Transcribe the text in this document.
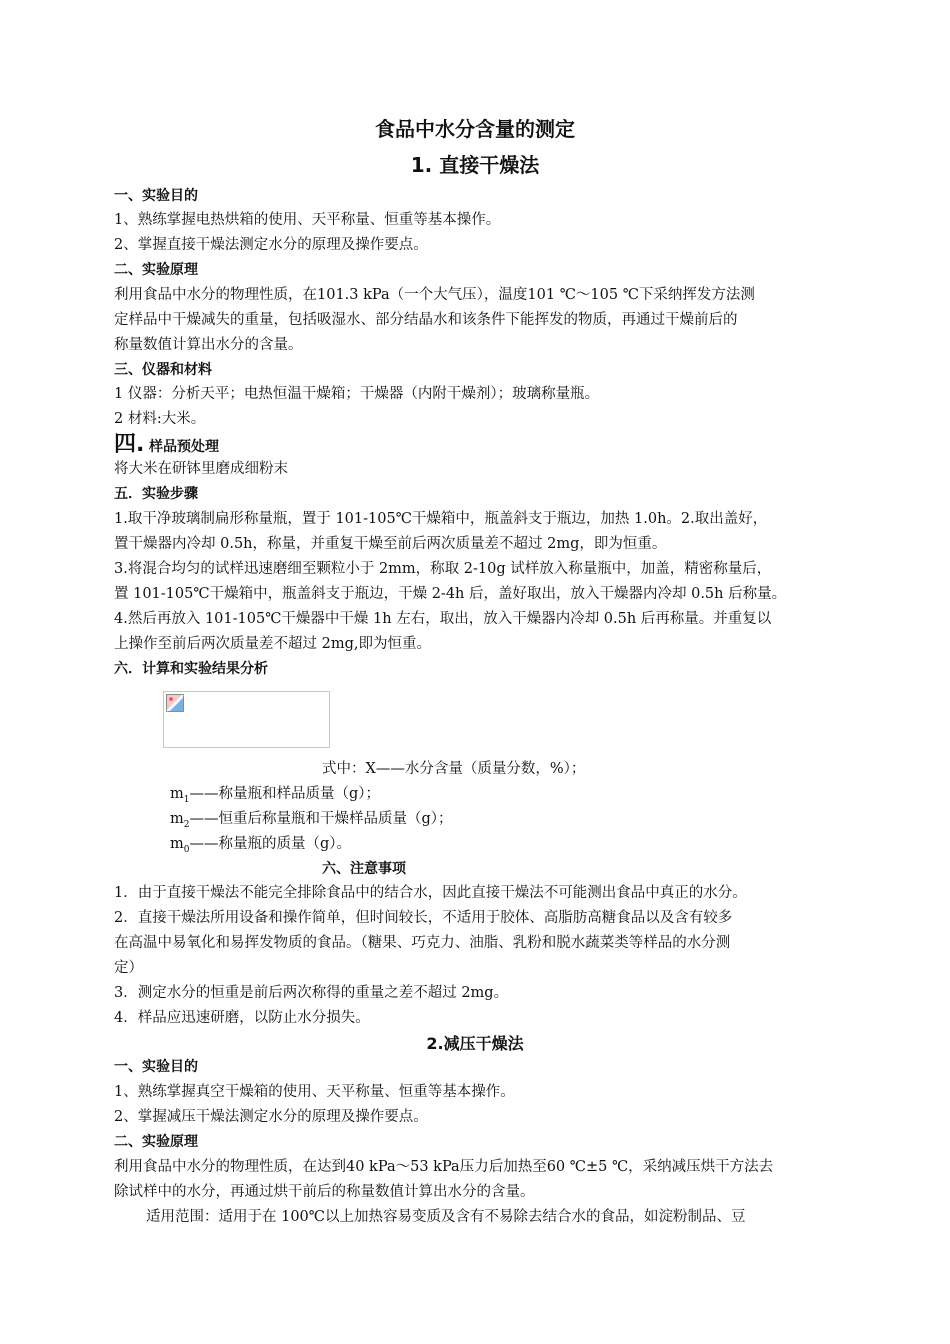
食品中水分含量的测定
1. 直接干燥法
一、实验目的
1、熟练掌握电热烘箱的使用、天平称量、恒重等基本操作。
2、掌握直接干燥法测定水分的原理及操作要点。
二、实验原理
利用食品中水分的物理性质，在101.3 kPa（一个大气压），温度101 ℃～105 ℃下采纳挥发方法测
定样品中干燥减失的重量，包括吸湿水、部分结晶水和该条件下能挥发的物质，再通过干燥前后的
称量数值计算出水分的含量。
三、仪器和材料
1 仪器：分析天平；电热恒温干燥箱；干燥器（内附干燥剂）；玻璃称量瓶。
2 材料:大米。
四. 样品预处理
将大米在研钵里磨成细粉末
五．实验步骤
1.取干净玻璃制扁形称量瓶，置于 101-105℃干燥箱中，瓶盖斜支于瓶边，加热 1.0h。2.取出盖好，
置干燥器内冷却 0.5h，称量，并重复干燥至前后两次质量差不超过 2mg，即为恒重。
3.将混合均匀的试样迅速磨细至颗粒小于 2mm，称取 2-10g 试样放入称量瓶中，加盖，精密称量后，
置 101-105℃干燥箱中，瓶盖斜支于瓶边，干燥 2-4h 后，盖好取出，放入干燥器内冷却 0.5h 后称量。
4.然后再放入 101-105℃干燥器中干燥 1h 左右，取出，放入干燥器内冷却 0.5h 后再称量。并重复以
上操作至前后两次质量差不超过 2mg,即为恒重。
六．计算和实验结果分析
式中：X——水分含量（质量分数，%）；
$m_1——$称量瓶和样品质量（g）；
$m_2——$恒重后称量瓶和干燥样品质量（g）；
$m_0——$称量瓶的质量（g）。
六、注意事项
1．由于直接干燥法不能完全排除食品中的结合水，因此直接干燥法不可能测出食品中真正的水分。
2．直接干燥法所用设备和操作简单，但时间较长，不适用于胶体、高脂肪高糖食品以及含有较多
在高温中易氧化和易挥发物质的食品。（糖果、巧克力、油脂、乳粉和脱水蔬菜类等样品的水分测
定）
3．测定水分的恒重是前后两次称得的重量之差不超过 2mg。
4．样品应迅速研磨，以防止水分损失。
2.减压干燥法
一、实验目的
1、熟练掌握真空干燥箱的使用、天平称量、恒重等基本操作。
2、掌握减压干燥法测定水分的原理及操作要点。
二、实验原理
利用食品中水分的物理性质，在达到40 kPa～53 kPa压力后加热至60 ℃±5 ℃，采纳减压烘干方法去
除试样中的水分，再通过烘干前后的称量数值计算出水分的含量。
适用范围：适用于在 100℃以上加热容易变质及含有不易除去结合水的食品，如淀粉制品、豆
